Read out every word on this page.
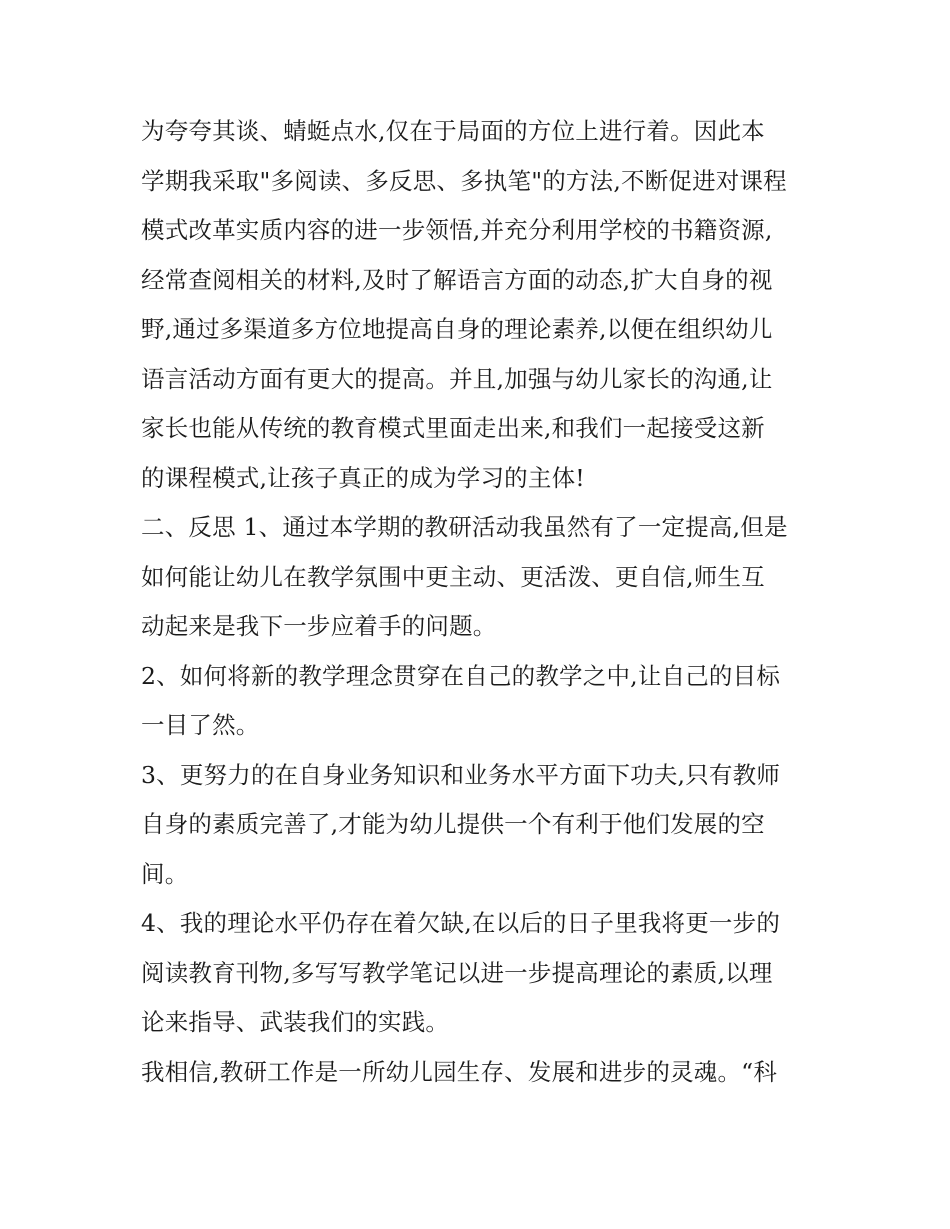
为夸夸其谈、蜻蜓点水,仅在于局面的方位上进行着。因此本
学期我采取"多阅读、多反思、多执笔"的方法,不断促进对课程
模式改革实质内容的进一步领悟,并充分利用学校的书籍资源,
经常查阅相关的材料,及时了解语言方面的动态,扩大自身的视
野,通过多渠道多方位地提高自身的理论素养,以便在组织幼儿
语言活动方面有更大的提高。并且,加强与幼儿家长的沟通,让
家长也能从传统的教育模式里面走出来,和我们一起接受这新
的课程模式,让孩子真正的成为学习的主体!
二、反思 1、通过本学期的教研活动我虽然有了一定提高,但是
如何能让幼儿在教学氛围中更主动、更活泼、更自信,师生互
动起来是我下一步应着手的问题。
2、如何将新的教学理念贯穿在自己的教学之中,让自己的目标
一目了然。
3、更努力的在自身业务知识和业务水平方面下功夫,只有教师
自身的素质完善了,才能为幼儿提供一个有利于他们发展的空
间。
4、我的理论水平仍存在着欠缺,在以后的日子里我将更一步的
阅读教育刊物,多写写教学笔记以进一步提高理论的素质,以理
论来指导、武装我们的实践。
我相信,教研工作是一所幼儿园生存、发展和进步的灵魂。“科
